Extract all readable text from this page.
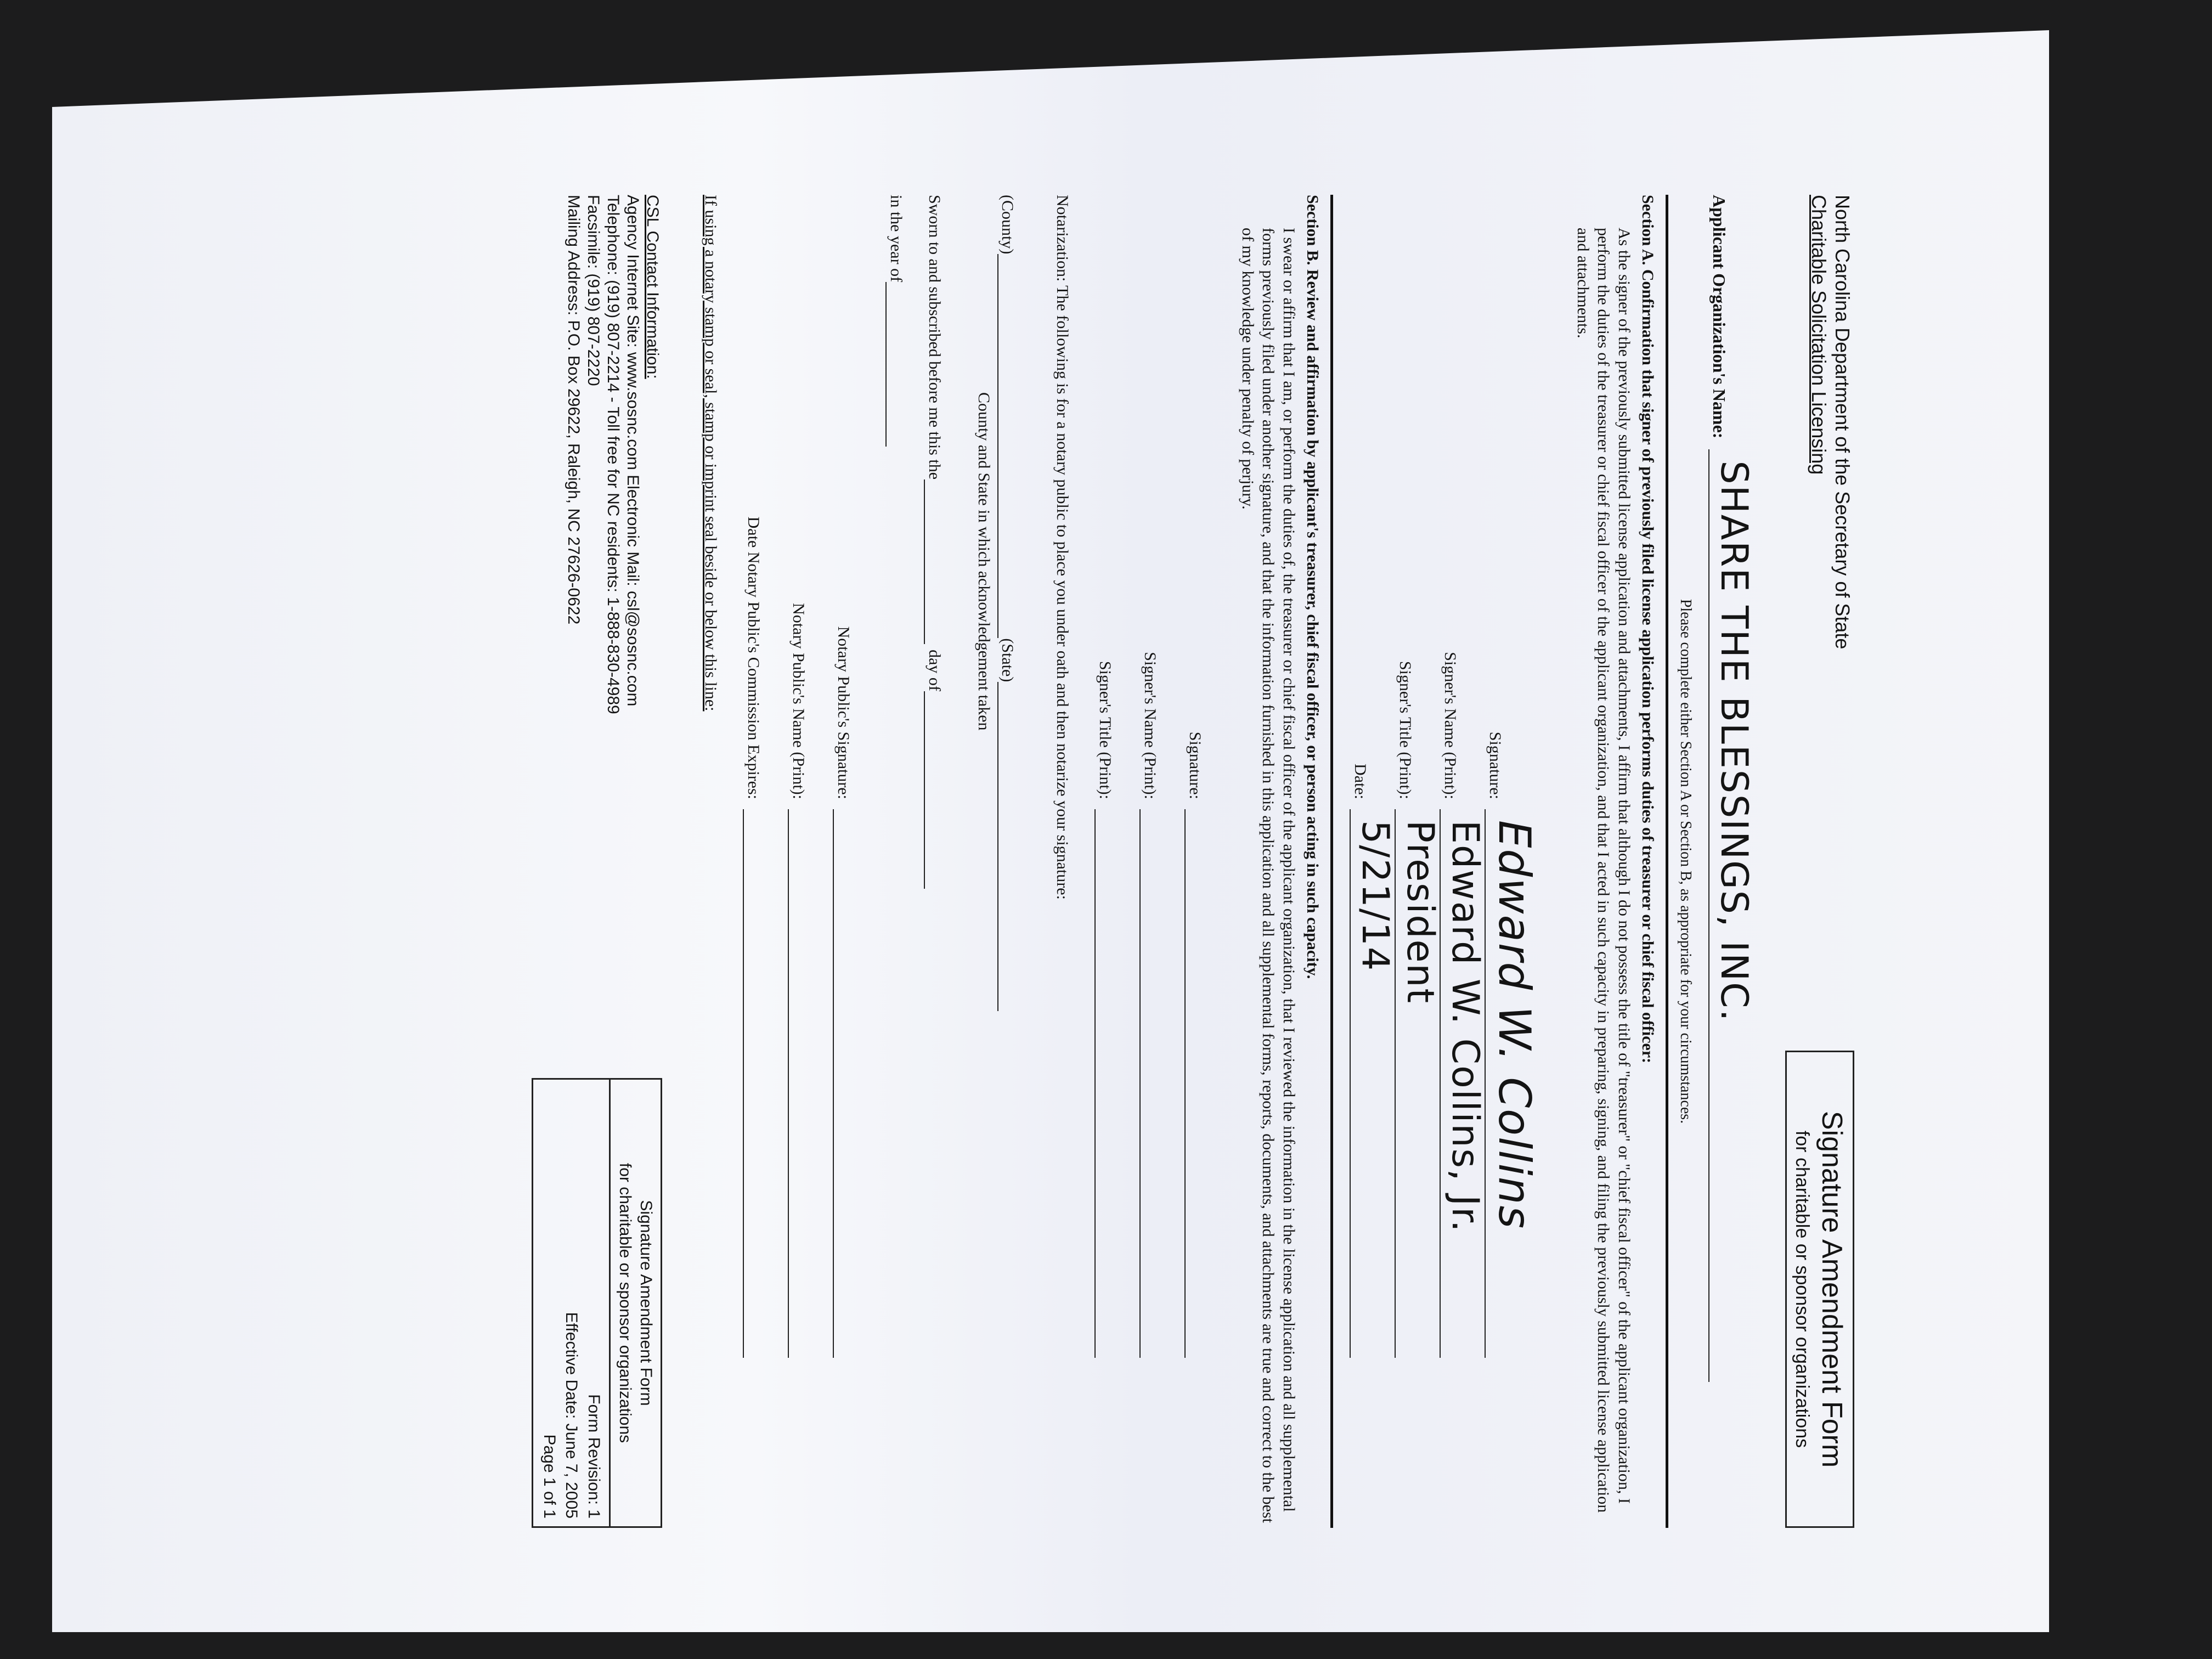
North Carolina Department of the Secretary of State
Charitable Solicitation Licensing
Signature Amendment Form
for charitable or sponsor organizations
Applicant Organization's Name:
SHARE THE BLESSINGS, INC.
Please complete either Section A or Section B, as appropriate for your circumstances.
Section A. Confirmation that signer of previously filed license application performs duties of treasurer or chief fiscal officer:
As the signer of the previously submitted license application and attachments, I affirm that although I do not possess the title of "treasurer" or "chief fiscal officer" of the applicant organization, I perform the duties of the treasurer or chief fiscal officer of the applicant organization, and that I acted in such capacity in preparing, signing, and filing the previously submitted license application and attachments.
Signature:
Edward W. Collins
Signer's Name (Print):
Edward W. Collins, Jr.
Signer's Title (Print):
President
Date:
5/21/14
Section B. Review and affirmation by applicant's treasurer, chief fiscal officer, or person acting in such capacity.
I swear or affirm that I am, or perform the duties of, the treasurer or chief fiscal officer of the applicant organization, that I reviewed the information in the license application and all supplemental forms previously filed under another signature, and that the information furnished in this application and all supplemental forms, reports, documents, and attachments are true and correct to the best of my knowledge under penalty of perjury.
Signature:
Signer's Name (Print):
Signer's Title (Print):
Notarization: The following is for a notary public to place you under oath and then notarize your signature:
(County)
(State)
County and State in which acknowledgement taken
Sworn to and subscribed before me this the
day of
in the year of
Notary Public's Signature:
Notary Public's Name (Print):
Date Notary Public's Commission Expires:
If using a notary stamp or seal, stamp or imprint seal beside or below this line:
CSL Contact Information:
Agency Internet Site: www.sosnc.com Electronic Mail: csl@sosnc.com
Telephone: (919) 807-2214 - Toll free for NC residents: 1-888-830-4989
Facsimile: (919) 807-2220
Mailing Address: P.O. Box 29622, Raleigh, NC 27626-0622
Signature Amendment Form
for charitable or sponsor organizations
Form Revision: 1
Effective Date: June 7, 2005
Page 1 of 1
